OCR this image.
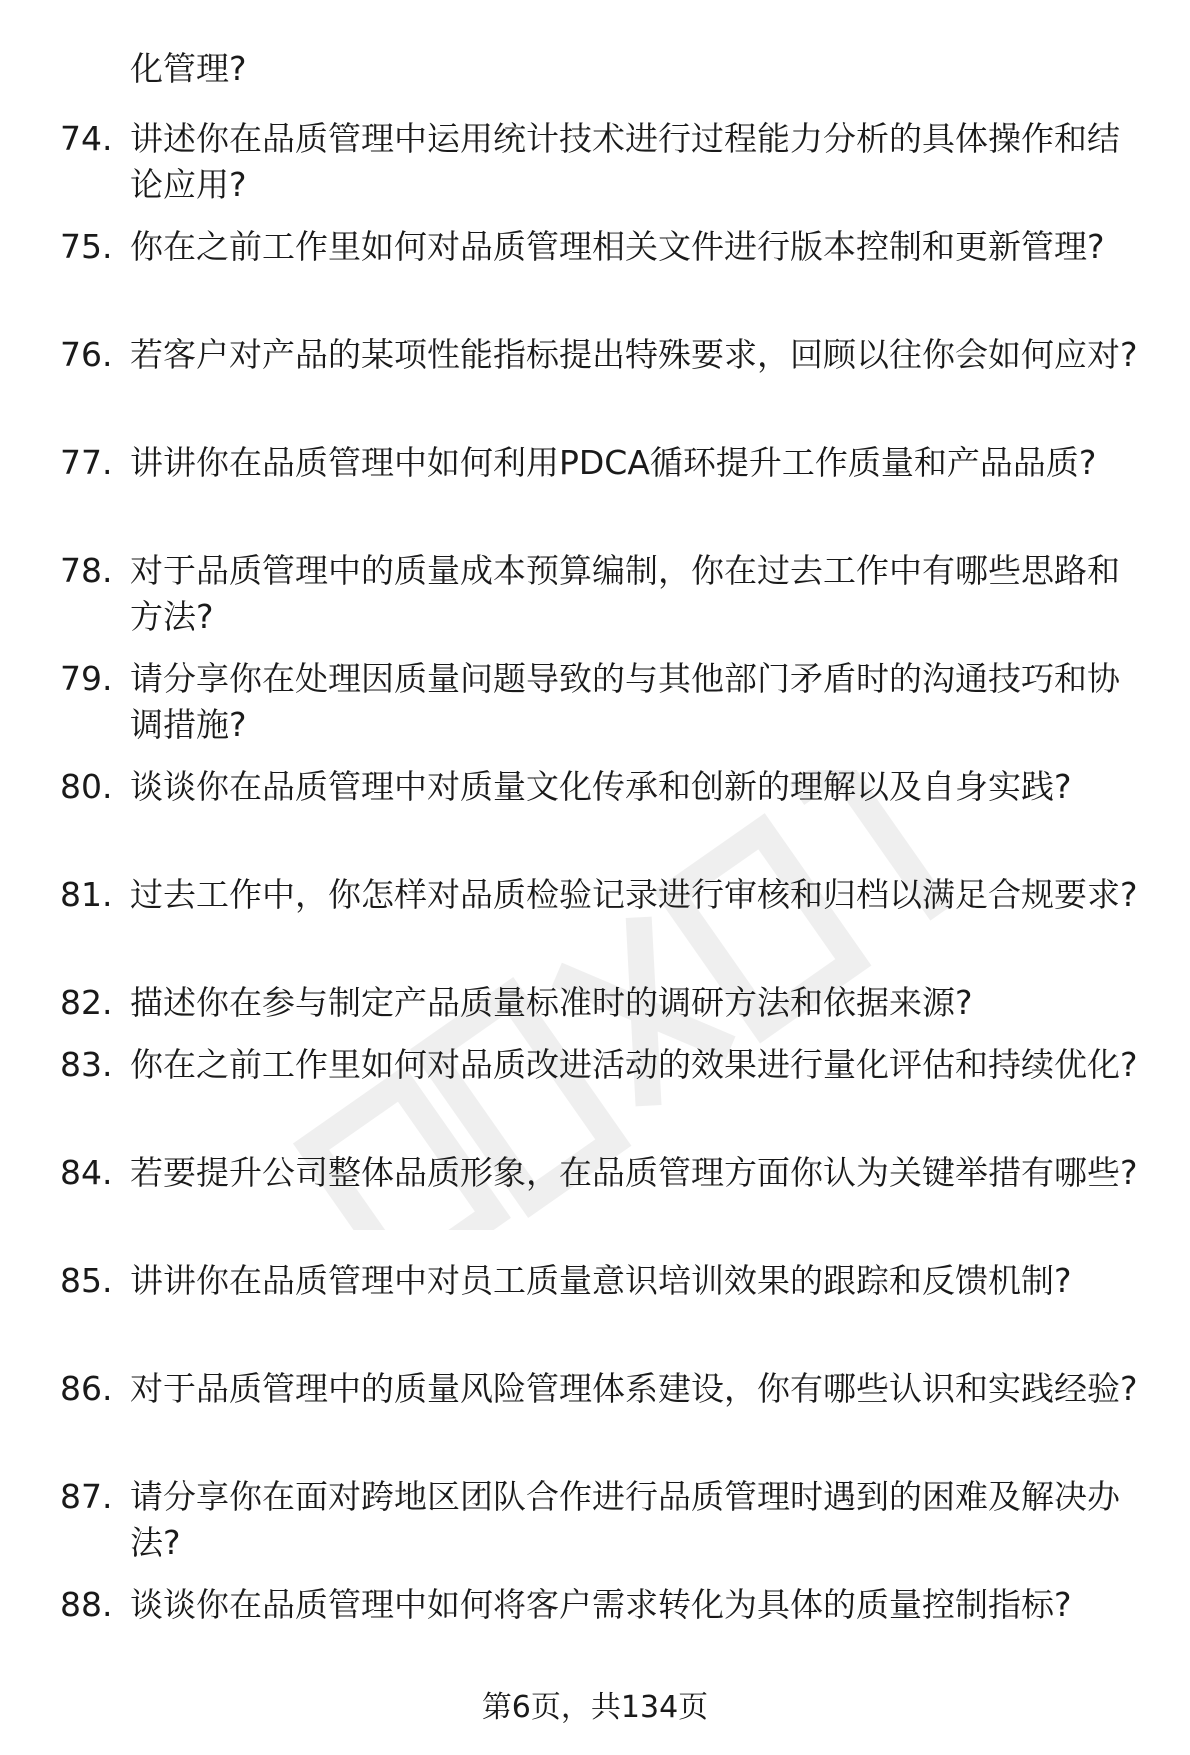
化管理?

74. 讲述你在品质管理中运用统计技术进行过程能力分析的具体操作和结论应用?
75. 你在之前工作里如何对品质管理相关文件进行版本控制和更新管理?
76. 若客户对产品的某项性能指标提出特殊要求，回顾以往你会如何应对?
77. 讲讲你在品质管理中如何利用PDCA循环提升工作质量和产品品质?
78. 对于品质管理中的质量成本预算编制，你在过去工作中有哪些思路和方法?
79. 请分享你在处理因质量问题导致的与其他部门矛盾时的沟通技巧和协调措施?
80. 谈谈你在品质管理中对质量文化传承和创新的理解以及自身实践?
81. 过去工作中，你怎样对品质检验记录进行审核和归档以满足合规要求?
82. 描述你在参与制定产品质量标准时的调研方法和依据来源?
83. 你在之前工作里如何对品质改进活动的效果进行量化评估和持续优化?
84. 若要提升公司整体品质形象，在品质管理方面你认为关键举措有哪些?
85. 讲讲你在品质管理中对员工质量意识培训效果的跟踪和反馈机制?
86. 对于品质管理中的质量风险管理体系建设，你有哪些认识和实践经验?
87. 请分享你在面对跨地区团队合作进行品质管理时遇到的困难及解决办法?
88. 谈谈你在品质管理中如何将客户需求转化为具体的质量控制指标?
第6页，共134页
